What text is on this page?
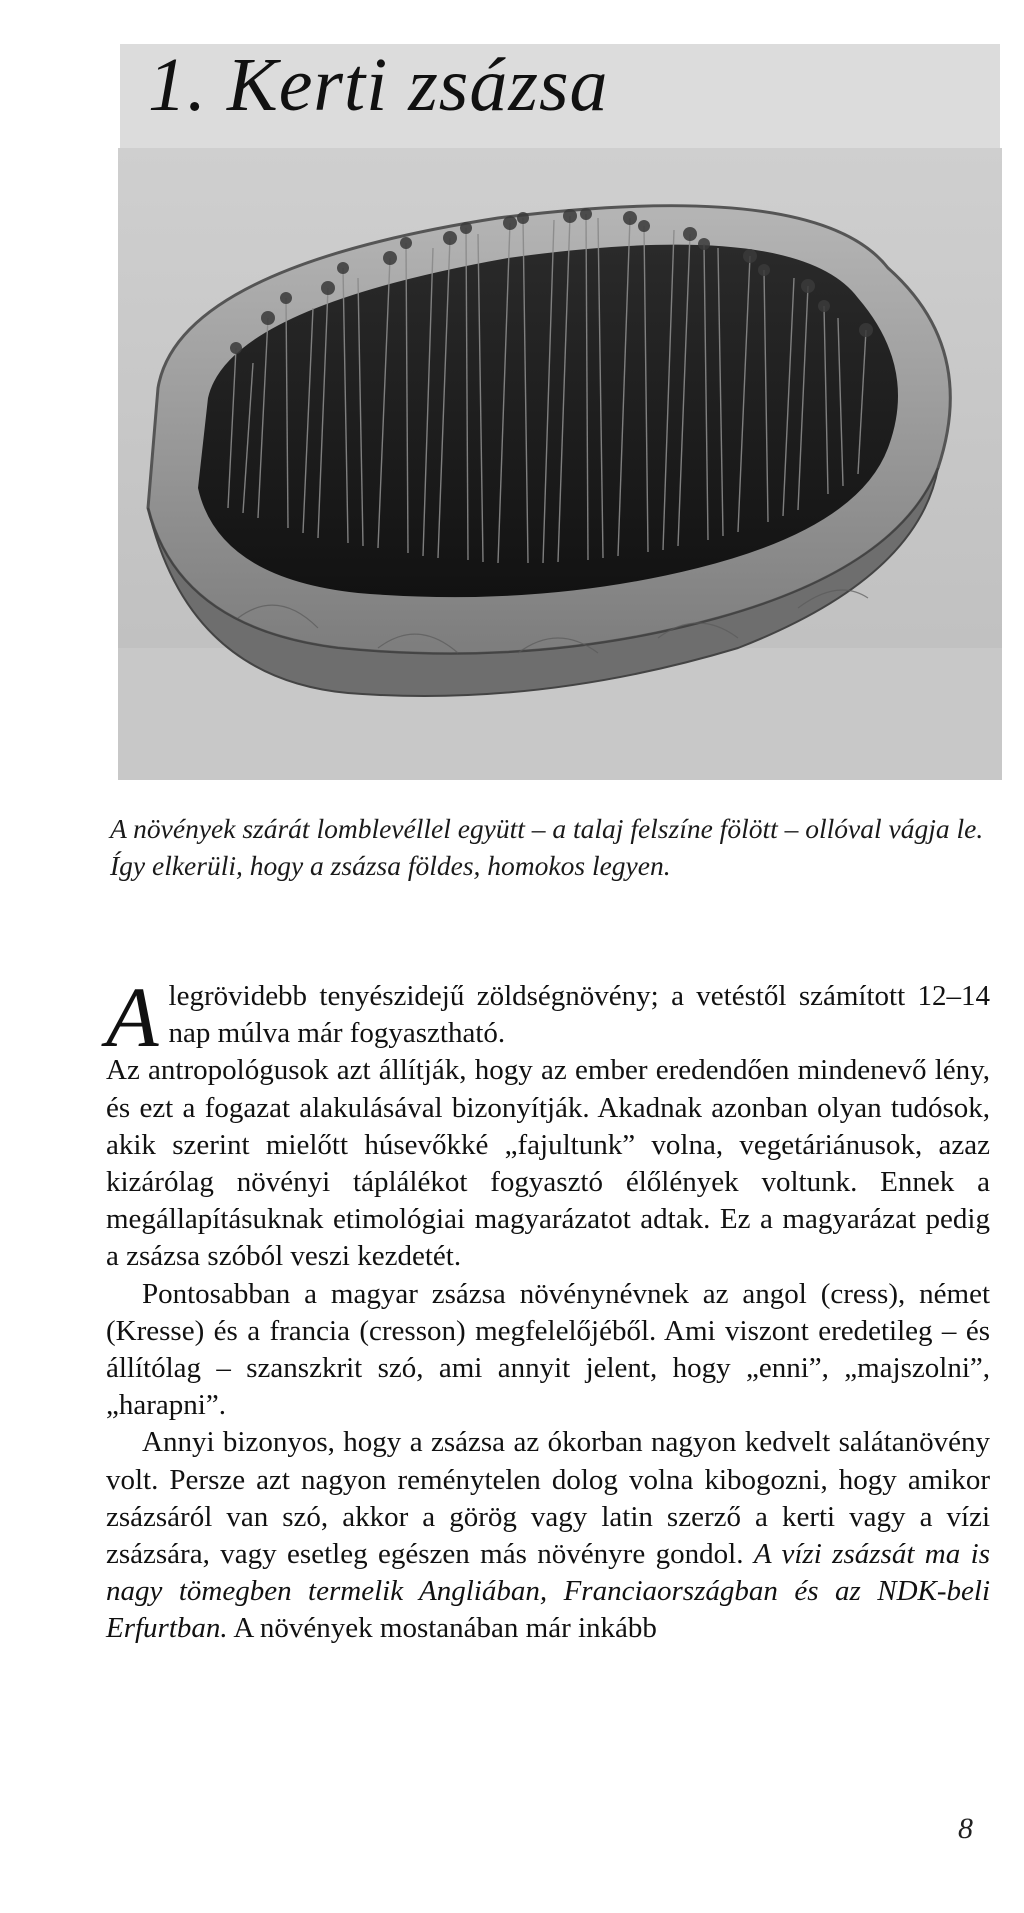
1. Kerti zsázsa

A növények szárát lomblevéllel együtt – a talaj felszíne fölött – ollóval vágja le. Így elkerüli, hogy a zsázsa földes, homokos legyen.

Alegrövidebb tenyészidejű zöldségnövény; a vetéstől számított 12–14 nap múlva már fogyasztható.

Az antropológusok azt állítják, hogy az ember eredendően mindenevő lény, és ezt a fogazat alakulásával bizonyítják. Akadnak azonban olyan tudósok, akik szerint mielőtt húsevőkké „fajultunk” volna, vegetáriánusok, azaz kizárólag növényi táplálékot fogyasztó élőlények voltunk. Ennek a megállapításuknak etimológiai magyarázatot adtak. Ez a magyarázat pedig a zsázsa szóból veszi kezdetét.

Pontosabban a magyar zsázsa növénynévnek az angol (cress), német (Kresse) és a francia (cresson) megfelelőjéből. Ami viszont eredetileg – és állítólag – szanszkrit szó, ami annyit jelent, hogy „enni”, „majszolni”, „harapni”.

Annyi bizonyos, hogy a zsázsa az ókorban nagyon kedvelt salátanövény volt. Persze azt nagyon reménytelen dolog volna kibogozni, hogy amikor zsázsáról van szó, akkor a görög vagy latin szerző a kerti vagy a vízi zsázsára, vagy esetleg egészen más növényre gondol. A vízi zsázsát ma is nagy tömegben termelik Angliában, Franciaországban és az NDK-beli Erfurtban. A növények mostanában már inkább

8
